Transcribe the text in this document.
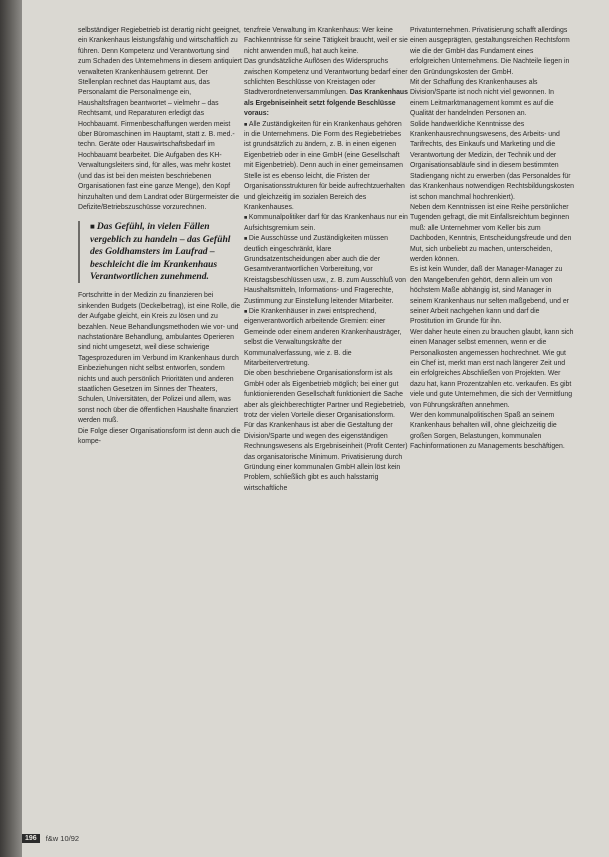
selbständiger Regiebetrieb ist derartig nicht geeignet, ein Krankenhaus leistungsfähig und wirtschaftlich zu führen. Denn Kompetenz und Verantwortung sind zum Schaden des Unternehmens in diesem antiquiert verwalteten Krankenhäusern getrennt. Der Stellenplan rechnet das Hauptamt aus, das Personalamt die Personalmenge ein, Haushaltsfragen beantwortet – vielmehr – das Rechtsamt, und Reparaturen erledigt das Hochbauamt. Firmenbeschaffungen werden meist über Büromaschinen im Hauptamt, statt z. B. med.-techn. Geräte oder Hauswirtschaftsbedarf im Hochbauamt bearbeitet. Die Aufgaben des KH-Verwaltungsleiters sind, für alles, was mehr kostet (und das ist bei den meisten beschriebenen Organisationen fast eine ganze Menge), den Kopf hinzuhalten und dem Landrat oder Bürgermeister die Defizite/Betriebszuschüsse vorzurechnen.

■ Das Gefühl, in vielen Fällen vergeblich zu handeln – das Gefühl des Goldhamsters im Laufrad – beschleicht die im Krankenhaus Verantwortlichen zunehmend.

Fortschritte in der Medizin zu finanzieren bei sinkenden Budgets (Deckelbetrag), ist eine Rolle, die der Aufgabe gleicht, ein Kreis zu lösen und zu bezahlen. Neue Behandlungsmethoden wie vor- und nachstationäre Behandlung, ambulantes Operieren sind nicht umgesetzt, weil diese schwierige Tagesprozeduren im Verbund im Krankenhaus durch Einbeziehungen nicht selbst entworfen, sondern nichts und auch persönlich Prioritäten und anderen staatlichen Gesetzen im Sinnes der Theaters, Schulen, Universitäten, der Polizei und allem, was sonst noch über die öffentlichen Haushalte finanziert werden muß.

Die Folge dieser Organisationsform ist denn auch die kompe-

tenzfreie Verwaltung im Krankenhaus: Wer keine Fachkenntnisse für seine Tätigkeit braucht, weil er sie nicht anwenden muß, hat auch keine.

Das grundsätzliche Auflösen des Widerspruchs zwischen Kompetenz und Verantwortung bedarf einer schlichten Beschlüsse von Kreistagen oder Stadtverordnetenversammlungen. Das Krankenhaus als Ergebniseinheit setzt folgende Beschlüsse voraus:

■ Alle Zuständigkeiten für ein Krankenhaus gehören in die Unternehmens. Die Form des Regiebetriebes ist grundsätzlich zu ändern, z. B. in einen eigenen Eigenbetrieb oder in eine GmbH (eine Gesellschaft mit Eigenbetrieb). Denn auch in einer gemeinsamen Stelle ist es ebenso leicht, die Fristen der Organisationsstrukturen für beide aufrechtzuerhalten und gleichzeitig im sozialen Bereich des Krankenhauses.

■ Kommunalpolitiker darf für das Krankenhaus nur ein Aufsichtsgremium sein.

■ Die Ausschüsse und Zuständigkeiten müssen deutlich eingeschränkt, klare Grundsatzentscheidungen aber auch die der Gesamtverantwortlichen Vorbereitung, vor Kreistagsbeschlüssen usw., z. B. zum Ausschluß von Haushaltsmitteln, Informations- und Fragerechte, Zustimmung zur Einstellung leitender Mitarbeiter.

■ Die Krankenhäuser in zwei entsprechend, eigenverantwortlich arbeitende Gremien: einer Gemeinde oder einem anderen Krankenhausträger, selbst die Verwaltungskräfte der Kommunalverfassung, wie z. B. die Mitarbeitervertretung.

Die oben beschriebene Organisationsform ist als GmbH oder als Eigenbetrieb möglich; bei einer gut funktionierenden Gesellschaft funktioniert die Sache aber als gleichberechtigter Partner und Regiebetrieb, trotz der vielen Vorteile dieser Organisationsform.

Für das Krankenhaus ist aber die Gestaltung der Division/Sparte und wegen des eigenständigen Rechnungswesens als Ergebniseinheit (Profit Center) das organisatorische Minimum. Privatisierung durch Gründung einer kommunalen GmbH allein löst kein Problem, schließlich gibt es auch halsstarrig wirtschaftliche

Privatunternehmen. Privatisierung schafft allerdings einen ausgeprägten, gestaltungsreichen Rechtsform wie die der GmbH das Fundament eines erfolgreichen Unternehmens. Die Nachteile liegen in den Gründungskosten der GmbH.

Mit der Schaffung des Krankenhauses als Division/Sparte ist noch nicht viel gewonnen. In einem Leitmarktmanagement kommt es auf die Qualität der handelnden Personen an.

Solide handwerkliche Kenntnisse des Krankenhausrechnungswesens, des Arbeits- und Tarifrechts, des Einkaufs und Marketing und die Verantwortung der Medizin, der Technik und der Organisationsabläufe sind in diesem bestimmten Stadiengang nicht zu erwerben (das Personaldes für das Krankenhaus notwendigen Rechtsbildungskosten ist schon manchmal hochrenkiert).

Neben dem Kenntnissen ist eine Reihe persönlicher Tugenden gefragt, die mit Einfallsreichtum beginnen muß: alle Unternehmer vom Keller bis zum Dachboden, Kenntnis, Entscheidungsfreude und den Mut, sich unbeliebt zu machen, unterscheiden, werden können.

Es ist kein Wunder, daß der Manager-Manager zu den Mangelberufen gehört, denn allein um von höchstem Maße abhängig ist, sind Manager in seinem Krankenhaus nur selten maßgebend, und er seiner Arbeit nachgehen kann und darf die Prostitution im Grunde für ihn.

Wer daher heute einen zu brauchen glaubt, kann sich einen Manager selbst ernennen, wenn er die Personalkosten angemessen hochrechnet. Wie gut ein Chef ist, merkt man erst nach längerer Zeit und ein erfolgreiches Abschließen von Projekten. Wer dazu hat, kann Prozentzahlen etc. verkaufen. Es gibt viele und gute Unternehmen, die sich der Vermittlung von Führungskräften annehmen.

Wer den kommunalpolitischen Spaß an seinem Krankenhaus behalten will, ohne gleichzeitig die großen Sorgen, Belastungen, kommunalen Fachinformationen zu Managements beschäftigen.

196	f&w 10/92
